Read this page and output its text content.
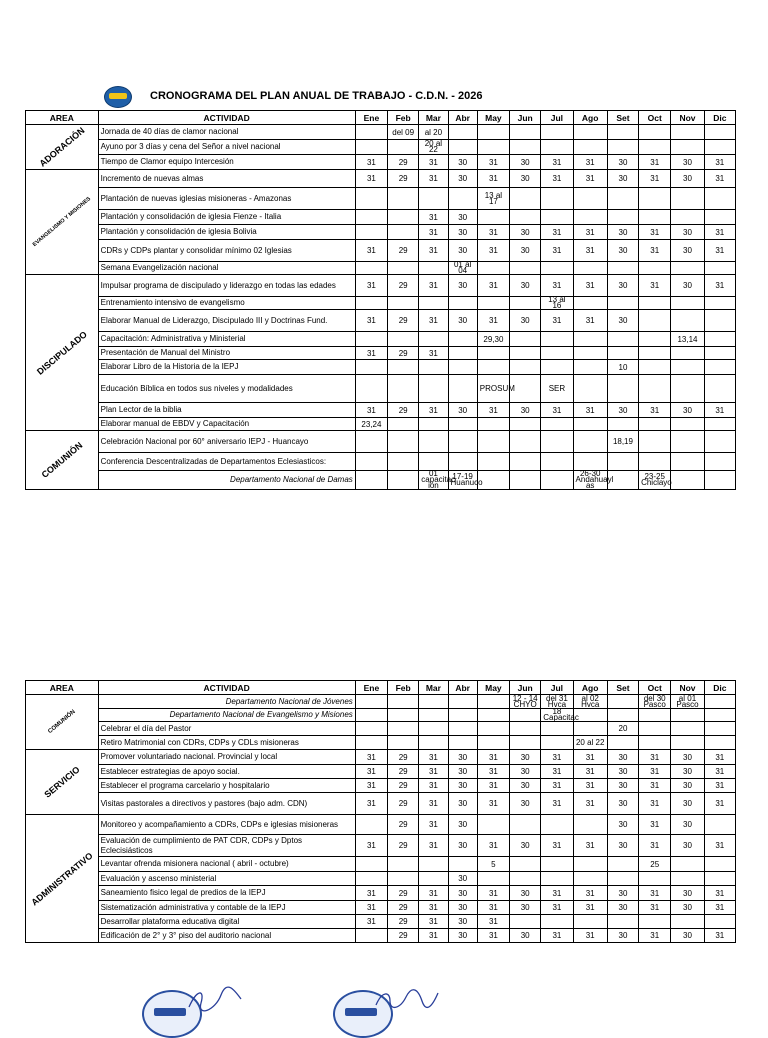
CRONOGRAMA DEL PLAN ANUAL DE TRABAJO - C.D.N. - 2026
AREA	ACTIVIDAD	Ene	Feb	Mar	Abr	May	Jun	Jul	Ago	Set	Oct	Nov	Dic

ADORACIÓN	Jornada de 40 días de clamor nacional		del 09	al 20									
	Ayuno por 3 días y cena del Señor a nivel nacional			20 al 22									
	Tiempo de Clamor equipo Intercesión	31	29	31	30	31	30	31	31	30	31	30	31

EVANGELISMO Y MISIONES	Incremento de nuevas almas	31	29	31	30	31	30	31	31	30	31	30	31
	Plantación de nuevas iglesias misioneras - Amazonas					13 al 17							
	Plantación y consolidación de iglesia Fienze - Italia			31	30								
	Plantación y consolidación de iglesia Bolivia			31	30	31	30	31	31	30	31	30	31
	CDRs y CDPs plantar y consolidar mínimo 02 Iglesias	31	29	31	30	31	30	31	31	30	31	30	31
	Semana Evangelización nacional				01 al 04								

DISCIPULADO	Impulsar programa de discipulado y liderazgo en todas las edades	31	29	31	30	31	30	31	31	30	31	30	31
	Entrenamiento intensivo de evangelismo							13 al 16					
	Elaborar Manual de Liderazgo, Discipulado III y Doctrinas Fund.	31	29	31	30	31	30	31	31	30			
	Capacitación: Administrativa y Ministerial					29,30						13,14	
	Presentación de Manual del Ministro	31	29	31									
	Elaborar Libro de la Historia de la IEPJ									10			
	Educación Bíblica en todos sus niveles y modalidades					PROSUM		SER					
	Plan Lector de la biblia	31	29	31	30	31	30	31	31	30	31	30	31
	Elaborar manual de EBDV y Capacitación	23,24											

COMUNIÓN	Celebración Nacional por 60° aniversario IEPJ - Huancayo									18,19			
	Conferencia Descentralizadas de Departamentos Eclesiasticos:												
	Departamento Nacional de Damas			01 capacitac ión	17-19 Huanuco				26-30 Andahuayl as		23-25 Chiclayo		
AREA	ACTIVIDAD	Ene	Feb	Mar	Abr	May	Jun	Jul	Ago	Set	Oct	Nov	Dic

COMUNIÓN	Departamento Nacional de Jóvenes						12 - 14 CHYO	del 31 Hvca	al 02 Hvca		del 30 Pasco	al 01 Pasco	
	Departamento Nacional de Evangelismo y Misiones							18 Capacitac					
	Celebrar el día del Pastor									20			
	Retiro Matrimonial con CDRs, CDPs y CDLs misioneras								20 al 22				

SERVICIO	Promover voluntariado nacional. Provincial y local	31	29	31	30	31	30	31	31	30	31	30	31
	Establecer estrategias de apoyo social.	31	29	31	30	31	30	31	31	30	31	30	31
	Establecer el programa carcelario y hospitalario	31	29	31	30	31	30	31	31	30	31	30	31
	Visitas pastorales a directivos y pastores (bajo adm. CDN)	31	29	31	30	31	30	31	31	30	31	30	31

ADMINISTRATIVO	Monitoreo y acompañamiento a CDRs, CDPs e iglesias misioneras		29	31	30					30	31	30	
	Evaluación de cumplimiento de PAT CDR, CDPs y Dptos Eclecisiásticos	31	29	31	30	31	30	31	31	30	31	30	31
	Levantar ofrenda misionera nacional ( abril - octubre)					5					25		
	Evaluación y ascenso ministerial				30								
	Saneamiento fisico legal de predios de la IEPJ	31	29	31	30	31	30	31	31	30	31	30	31
	Sistematización administrativa y contable de la IEPJ	31	29	31	30	31	30	31	31	30	31	30	31
	Desarrollar plataforma educativa digital	31	29	31	30	31							
	Edificación de 2° y 3° piso del auditorio nacional		29	31	30	31	30	31	31	30	31	30	31
